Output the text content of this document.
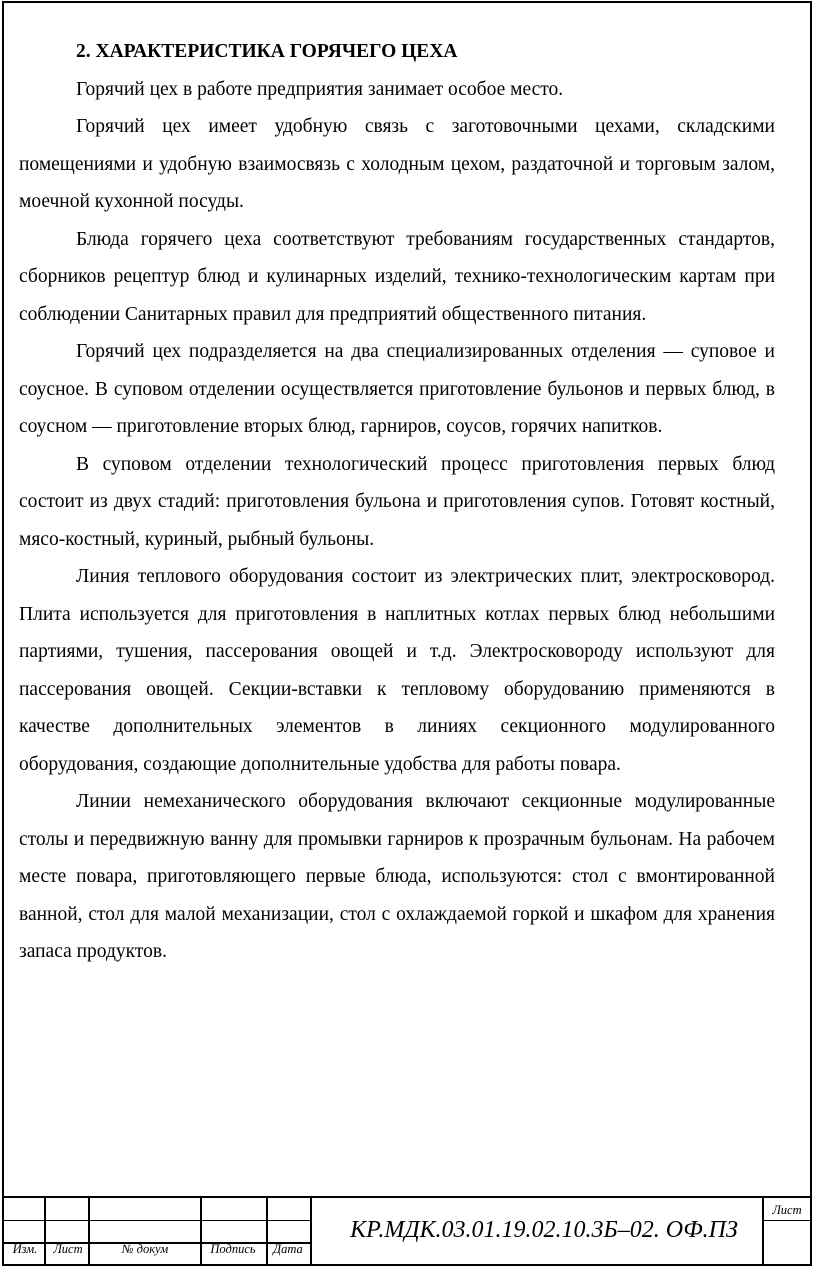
2. ХАРАКТЕРИСТИКА ГОРЯЧЕГО ЦЕХА

Горячий цех в работе предприятия занимает особое место.

Горячий цех имеет удобную связь с заготовочными цехами, складскими помещениями и удобную взаимосвязь с холодным цехом, раздаточной и торговым залом, моечной кухонной посуды.

Блюда горячего цеха соответствуют требованиям государственных стандартов, сборников рецептур блюд и кулинарных изделий, технико-технологическим картам при соблюдении Санитарных правил для предприятий общественного питания.

Горячий цех подразделяется на два специализированных отделения — суповое и соусное. В суповом отделении осуществляется приготовление бульонов и первых блюд, в соусном — приготовление вторых блюд, гарниров, соусов, горячих напитков.

В суповом отделении технологический процесс приготовления первых блюд состоит из двух стадий: приготовления бульона и приготовления супов. Готовят костный, мясо-костный, куриный, рыбный бульоны.

Линия теплового оборудования состоит из электрических плит, электросковород. Плита используется для приготовления в наплитных котлах первых блюд небольшими партиями, тушения, пассерования овощей и т.д. Электросковороду используют для пассерования овощей. Секции-вставки к тепловому оборудованию применяются в качестве дополнительных элементов в линиях секционного модулированного оборудования, создающие дополнительные удобства для работы повара.

Линии немеханического оборудования включают секционные модулированные столы и передвижную ванну для промывки гарниров к прозрачным бульонам. На рабочем месте повара, приготовляющего первые блюда, используются: стол с вмонтированной ванной, стол для малой механизации, стол с охлаждаемой горкой и шкафом для хранения запаса продуктов.

Изм.	Лист	№ докум	Подпись	Дата
КР.МДК.03.01.19.02.10.3Б–02. ОФ.ПЗ
Лист
